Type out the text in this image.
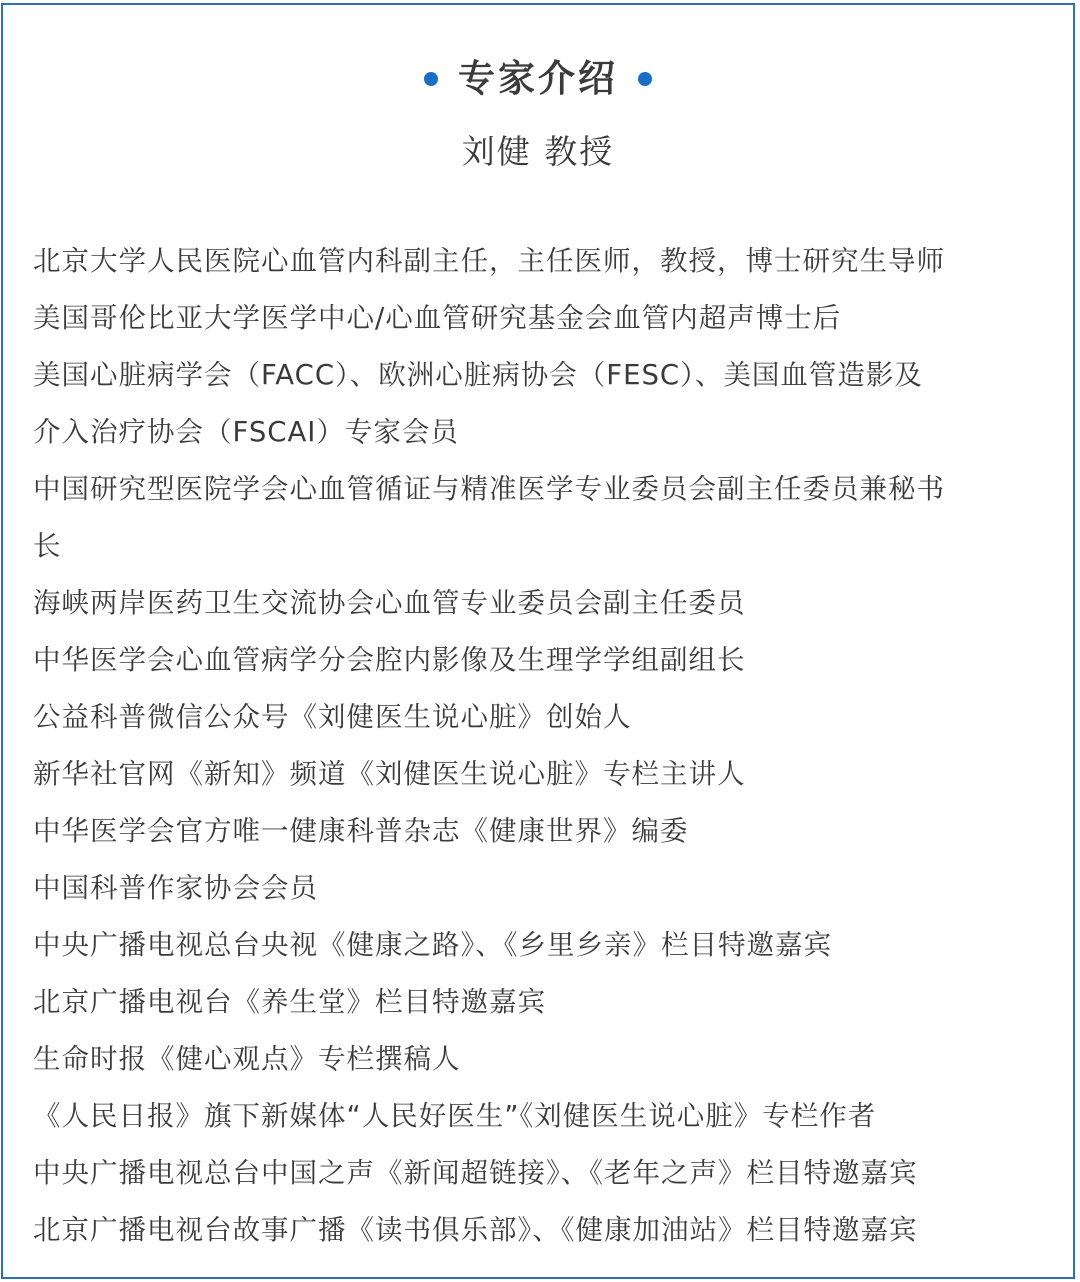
专家介绍
刘健 教授
北京大学人民医院心血管内科副主任，主任医师，教授，博士研究生导师
美国哥伦比亚大学医学中心/心血管研究基金会血管内超声博士后
美国心脏病学会（FACC）、欧洲心脏病协会（FESC）、美国血管造影及
介入治疗协会（FSCAI）专家会员
中国研究型医院学会心血管循证与精准医学专业委员会副主任委员兼秘书
长
海峡两岸医药卫生交流协会心血管专业委员会副主任委员
中华医学会心血管病学分会腔内影像及生理学学组副组长
公益科普微信公众号《刘健医生说心脏》创始人
新华社官网《新知》频道《刘健医生说心脏》专栏主讲人
中华医学会官方唯一健康科普杂志《健康世界》编委
中国科普作家协会会员
中央广播电视总台央视《健康之路》、《乡里乡亲》栏目特邀嘉宾
北京广播电视台《养生堂》栏目特邀嘉宾
生命时报《健心观点》专栏撰稿人
《人民日报》旗下新媒体“人民好医生”《刘健医生说心脏》专栏作者
中央广播电视总台中国之声《新闻超链接》、《老年之声》栏目特邀嘉宾
北京广播电视台故事广播《读书俱乐部》、《健康加油站》栏目特邀嘉宾
